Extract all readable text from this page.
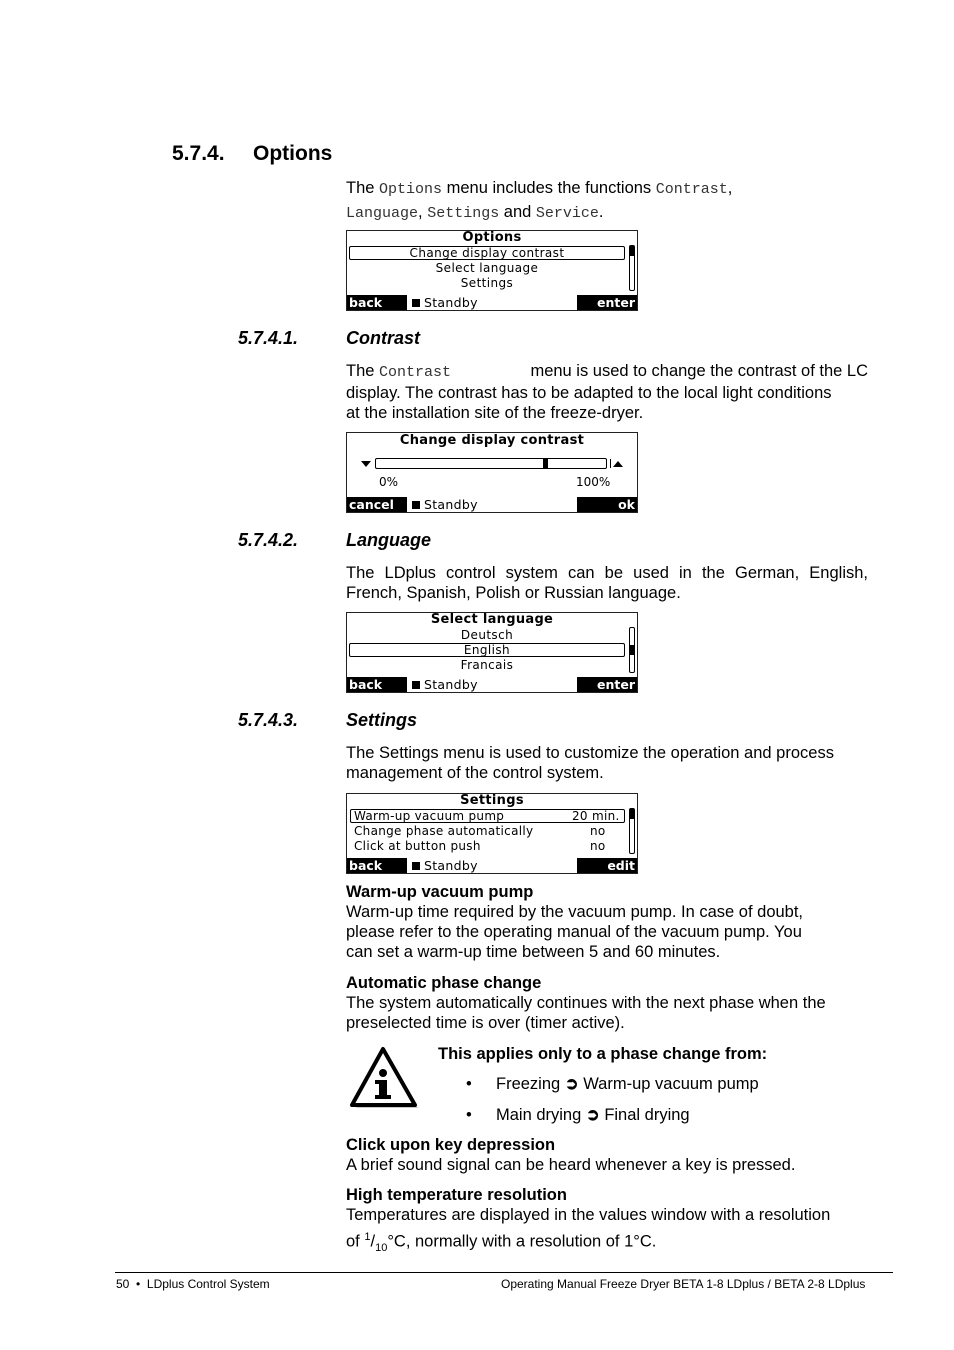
5.7.4. Options
The Options menu includes the functions Contrast,
Language, Settings and Service.
Options
Change display contrast
Select language
Settings
back	Standby	enter
5.7.4.1.	Contrast
The Contrast	menu is used to change the contrast of the LC
display. The contrast has to be adapted to the local light conditions
at the installation site of the freeze-dryer.
Change display contrast
0%	100%
cancel	Standby	ok
5.7.4.2.	Language
The LDplus control system can be used in the German, English,
French, Spanish, Polish or Russian language.
Select language
Deutsch
English
Francais
back	Standby	enter
5.7.4.3.	Settings
The Settings menu is used to customize the operation and process
management of the control system.
Settings
Warm-up vacuum pump	20 min.
Change phase automatically	no
Click at button push	no
back	Standby	edit
Warm-up vacuum pump
Warm-up time required by the vacuum pump. In case of doubt,
please refer to the operating manual of the vacuum pump. You
can set a warm-up time between 5 and 60 minutes.
Automatic phase change
The system automatically continues with the next phase when the
preselected time is over (timer active).
This applies only to a phase change from:
• Freezing ➲ Warm-up vacuum pump
• Main drying ➲ Final drying
Click upon key depression
A brief sound signal can be heard whenever a key is pressed.
High temperature resolution
Temperatures are displayed in the values window with a resolution
of $^1/_{10}^\circ C$, normally with a resolution of 1°C.
50  •  LDplus Control System	Operating Manual Freeze Dryer BETA 1-8 LDplus / BETA 2-8 LDplus
